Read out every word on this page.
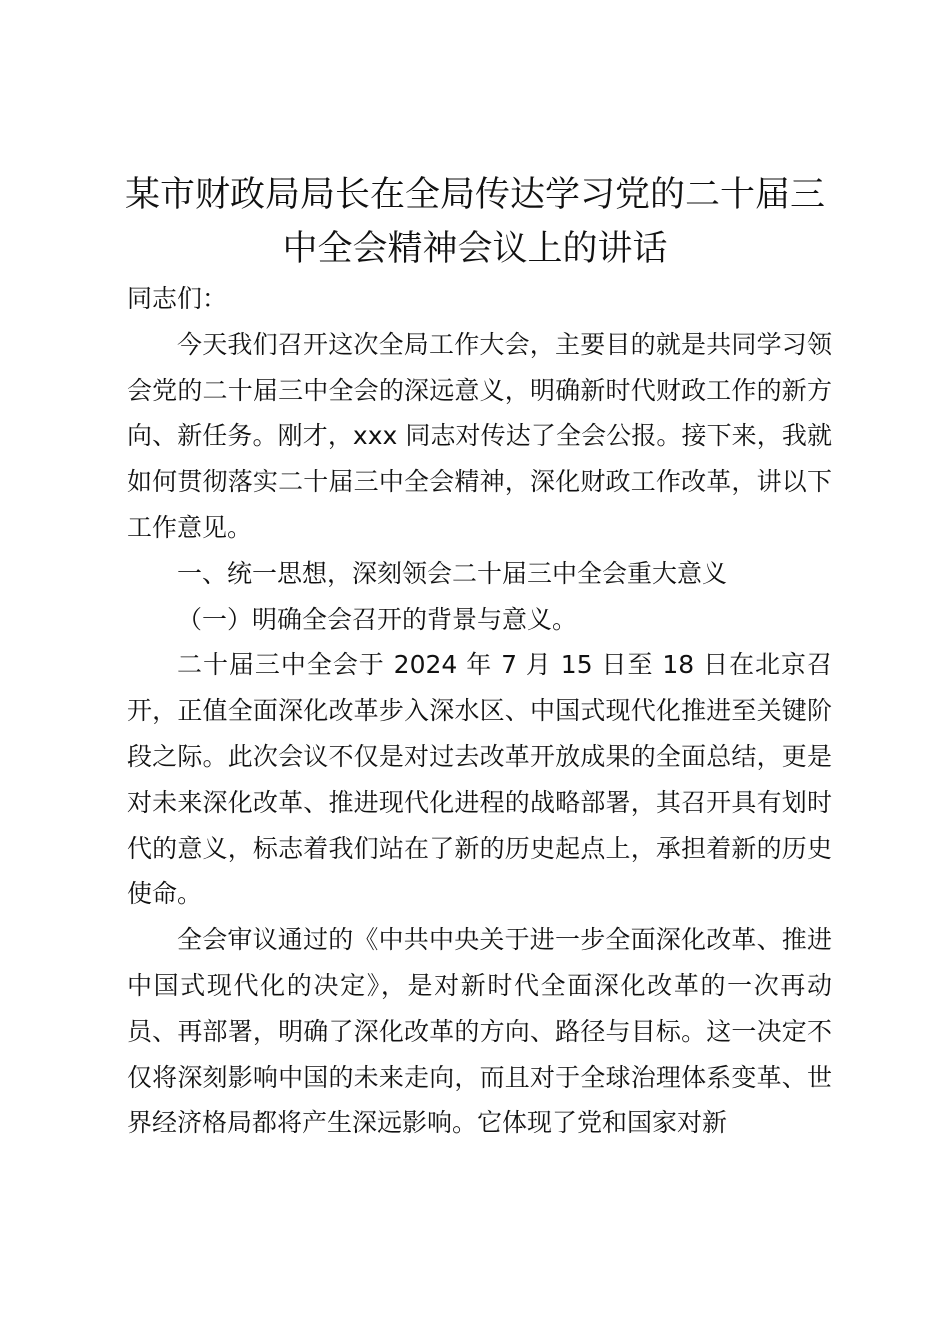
某市财政局局长在全局传达学习党的二十届三中全会精神会议上的讲话

同志们：

今天我们召开这次全局工作大会，主要目的就是共同学习领会党的二十届三中全会的深远意义，明确新时代财政工作的新方向、新任务。刚才，xxx 同志对传达了全会公报。接下来，我就如何贯彻落实二十届三中全会精神，深化财政工作改革，讲以下工作意见。

一、统一思想，深刻领会二十届三中全会重大意义

（一）明确全会召开的背景与意义。

二十届三中全会于 2024 年 7 月 15 日至 18 日在北京召开，正值全面深化改革步入深水区、中国式现代化推进至关键阶段之际。此次会议不仅是对过去改革开放成果的全面总结，更是对未来深化改革、推进现代化进程的战略部署，其召开具有划时代的意义，标志着我们站在了新的历史起点上，承担着新的历史使命。

全会审议通过的《中共中央关于进一步全面深化改革、推进中国式现代化的决定》，是对新时代全面深化改革的一次再动员、再部署，明确了深化改革的方向、路径与目标。这一决定不仅将深刻影响中国的未来走向，而且对于全球治理体系变革、世界经济格局都将产生深远影响。它体现了党和国家对新
